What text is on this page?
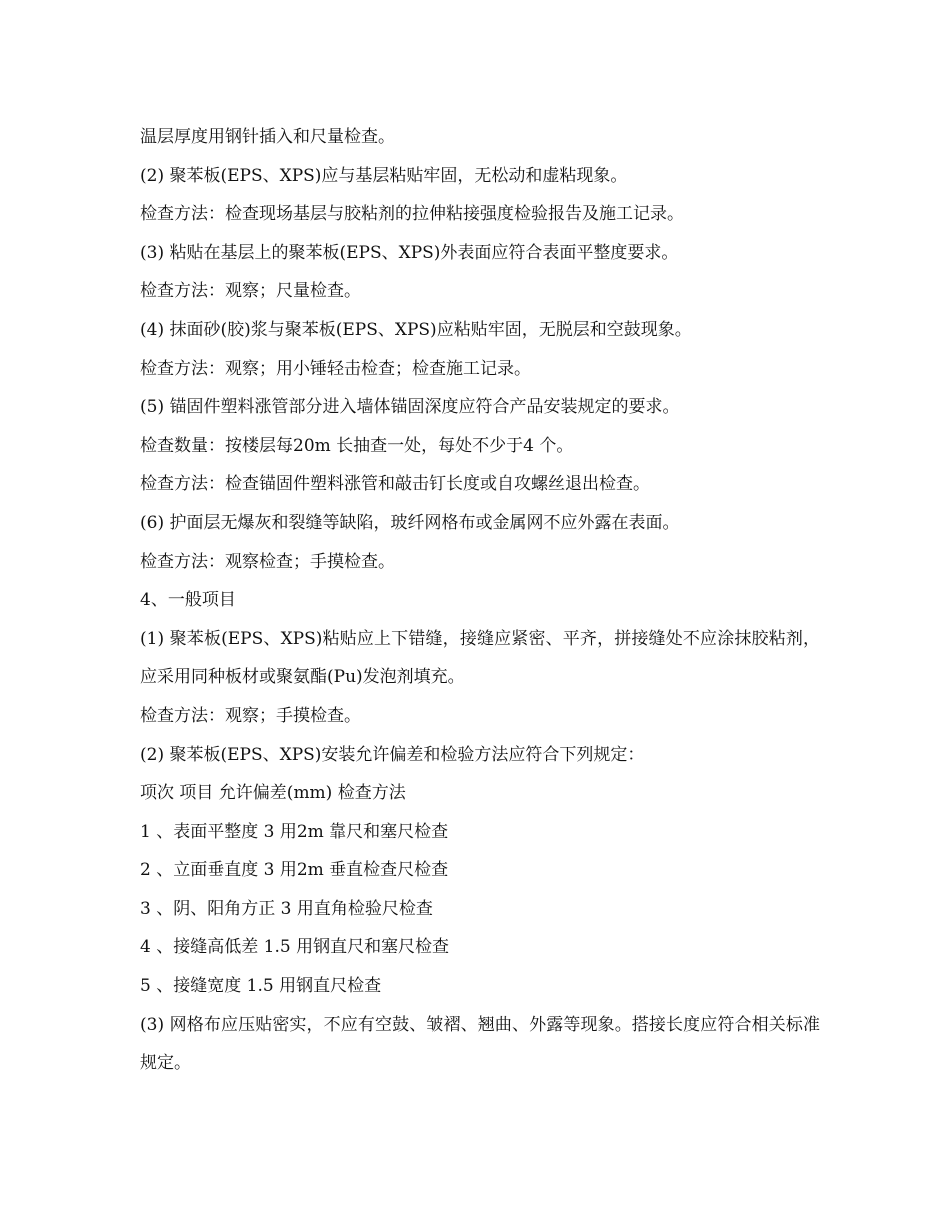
温层厚度用钢针插入和尺量检查。
(2) 聚苯板(EPS、XPS)应与基层粘贴牢固，无松动和虚粘现象。
检查方法：检查现场基层与胶粘剂的拉伸粘接强度检验报告及施工记录。
(3) 粘贴在基层上的聚苯板(EPS、XPS)外表面应符合表面平整度要求。
检查方法：观察；尺量检查。
(4) 抹面砂(胶)浆与聚苯板(EPS、XPS)应粘贴牢固，无脱层和空鼓现象。
检查方法：观察；用小锤轻击检查；检查施工记录。
(5) 锚固件塑料涨管部分进入墙体锚固深度应符合产品安装规定的要求。
检查数量：按楼层每20m 长抽查一处，每处不少于4 个。
检查方法：检查锚固件塑料涨管和敲击钉长度或自攻螺丝退出检查。
(6) 护面层无爆灰和裂缝等缺陷，玻纤网格布或金属网不应外露在表面。
检查方法：观察检查；手摸检查。
4、一般项目
(1) 聚苯板(EPS、XPS)粘贴应上下错缝，接缝应紧密、平齐，拼接缝处不应涂抹胶粘剂，应采用同种板材或聚氨酯(Pu)发泡剂填充。
检查方法：观察；手摸检查。
(2) 聚苯板(EPS、XPS)安装允许偏差和检验方法应符合下列规定：
项次 项目 允许偏差(mm) 检查方法
1 、表面平整度 3 用2m 靠尺和塞尺检查
2 、立面垂直度 3 用2m 垂直检查尺检查
3 、阴、阳角方正 3 用直角检验尺检查
4 、接缝高低差 1.5 用钢直尺和塞尺检查
5 、接缝宽度 1.5 用钢直尺检查
(3) 网格布应压贴密实，不应有空鼓、皱褶、翘曲、外露等现象。搭接长度应符合相关标准规定。
